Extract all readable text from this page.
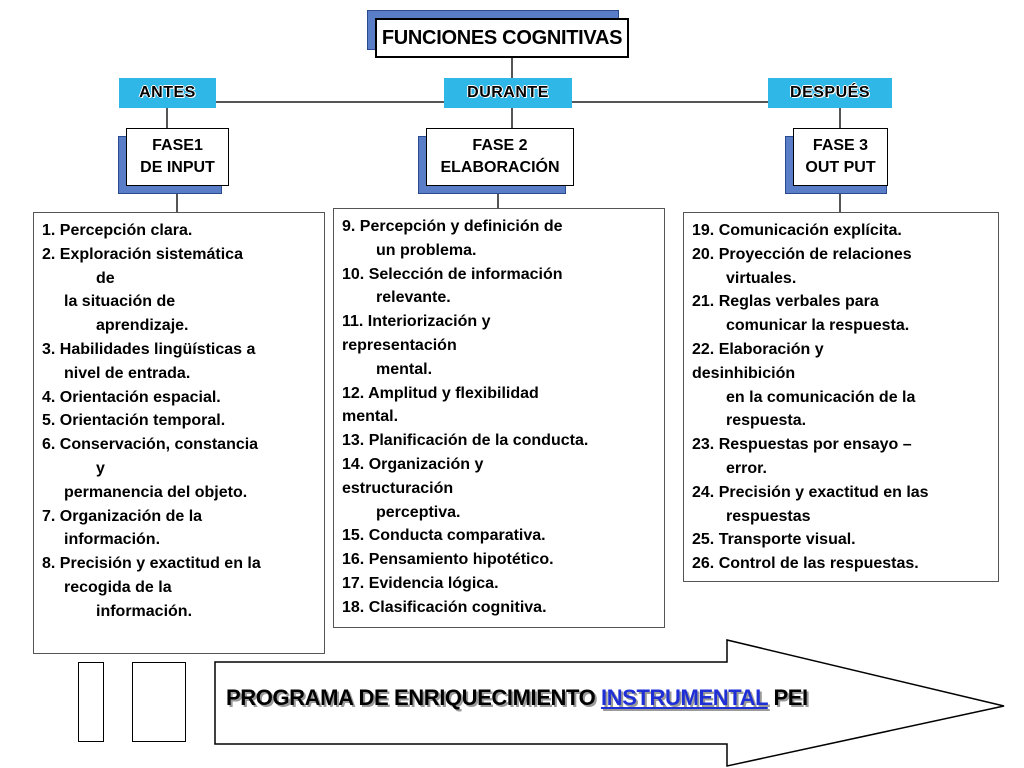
FUNCIONES COGNITIVAS
ANTES	DURANTE	DESPUÉS
FASE1
DE INPUT
FASE 2
ELABORACIÓN
FASE 3
OUT PUT
1. Percepción clara.
2. Exploración sistemática
de
la situación de
aprendizaje.
3. Habilidades lingüísticas a
nivel de entrada.
4. Orientación espacial.
5. Orientación temporal.
6. Conservación, constancia
y
permanencia del objeto.
7. Organización de la
información.
8. Precisión y exactitud en la
recogida de la
información.
9. Percepción y definición de
un problema.
10. Selección de información
relevante.
11. Interiorización y
representación
mental.
12. Amplitud y flexibilidad
mental.
13. Planificación de la conducta.
14. Organización y
estructuración
perceptiva.
15. Conducta comparativa.
16. Pensamiento hipotético.
17. Evidencia lógica.
18. Clasificación cognitiva.
19. Comunicación explícita.
20. Proyección de relaciones
virtuales.
21. Reglas verbales para
comunicar la respuesta.
22. Elaboración y
desinhibición
en la comunicación de la
respuesta.
23. Respuestas por ensayo –
error.
24. Precisión y exactitud en las
respuestas
25. Transporte visual.
26. Control de las respuestas.
PROGRAMA DE ENRIQUECIMIENTO INSTRUMENTAL PEI
